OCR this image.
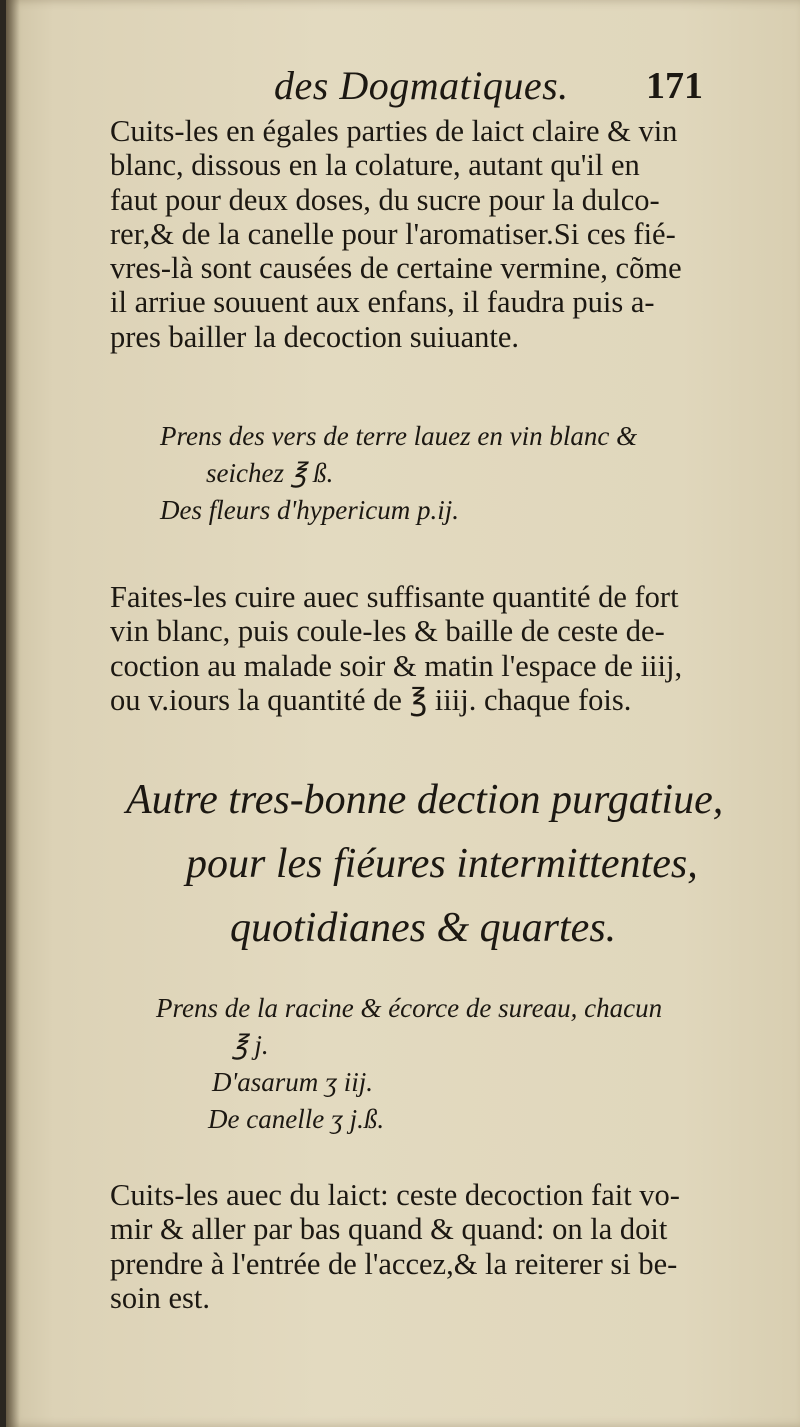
des Dogmatiques. 171
Cuits-les en égales parties de laict claire & vin
blanc, dissous en la colature, autant qu'il en
faut pour deux doses, du sucre pour la dulco-
rer,& de la canelle pour l'aromatiser.Si ces fié-
vres-là sont causées de certaine vermine, cõme
il arriue souuent aux enfans, il faudra puis a-
pres bailler la decoction suiuante.
Prens des vers de terre lauez en vin blanc &
seichez ℥ ß.
Des fleurs d'hypericum p.ij.
Faites-les cuire auec suffisante quantité de fort
vin blanc, puis coule-les & baille de ceste de-
coction au malade soir & matin l'espace de iiij,
ou v.iours la quantité de ℥ iiij. chaque fois.
Autre tres-bonne dection purgatiue,
pour les fiéures intermittentes,
quotidianes & quartes.
Prens de la racine & écorce de sureau, chacun
℥ j.
D'asarum ʒ iij.
De canelle ʒ j.ß.
Cuits-les auec du laict: ceste decoction fait vo-
mir & aller par bas quand & quand: on la doit
prendre à l'entrée de l'accez,& la reiterer si be-
soin est.
